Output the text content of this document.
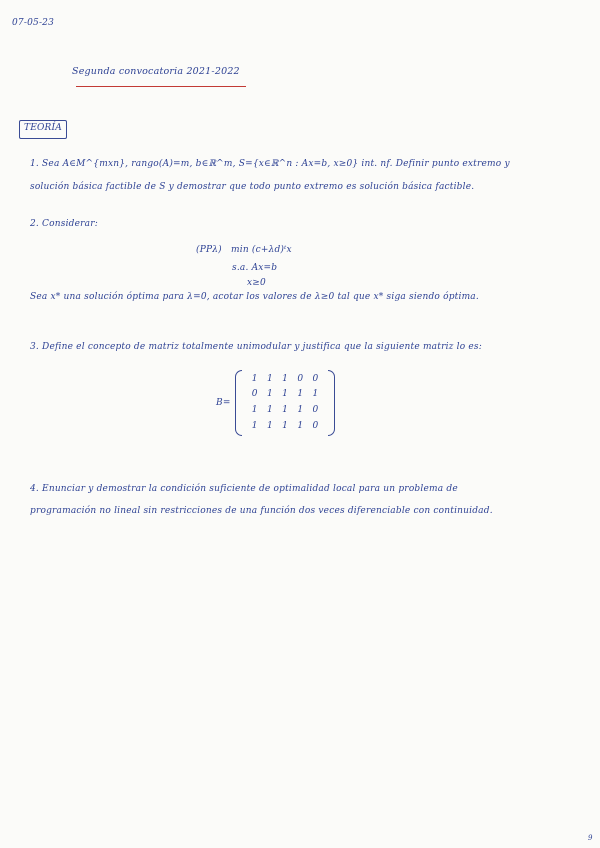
07-05-23
Segunda convocatoria 2021-2022
TEORÍA
1. Sea A∈M^{mxn}, rango(A)=m, b∈ℝ^m, S={x∈ℝ^n : Ax=b, x≥0} int. nf. Definir punto extremo y
solución básica factible de S y demostrar que todo punto extremo es solución básica factible.
2. Considerar:
(PPλ) min (c+λd)ᵗx
s.a. Ax=b
x≥0
Sea x* una solución óptima para λ=0, acotar los valores de λ≥0 tal que x* siga siendo óptima.
3. Define el concepto de matriz totalmente unimodular y justifica que la siguiente matriz lo es:
B=
1	1	1	0	0
0	1	1	1	1
1	1	1	1	0
1	1	1	1	0
4. Enunciar y demostrar la condición suficiente de optimalidad local para un problema de
programación no lineal sin restricciones de una función dos veces diferenciable con continuidad.
9
